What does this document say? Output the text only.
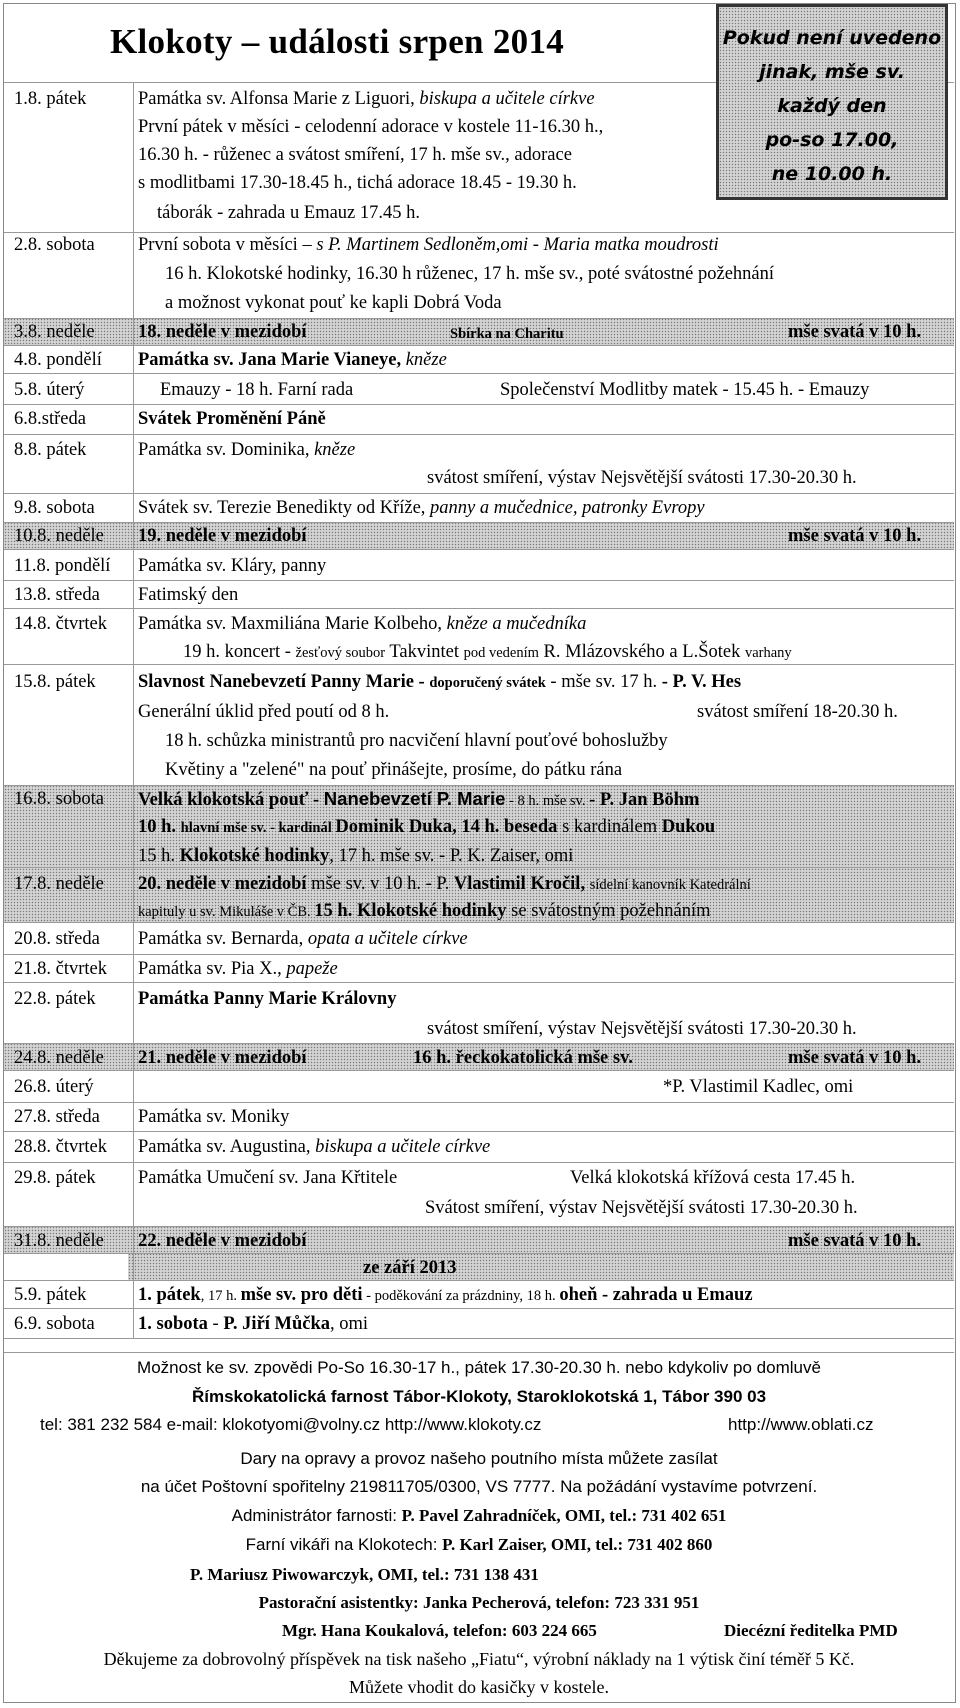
Klokoty – události srpen 2014	Pokud není uvedeno
jinak, mše sv.
každý den
po-so 17.00,
ne 10.00 h.
1.8. pátek	Památka sv. Alfonsa Marie z Liguori, biskupa a učitele církve
První pátek v měsíci - celodenní adorace v kostele 11-16.30 h.,
16.30 h. - růženec a svátost smíření, 17 h. mše sv., adorace
s modlitbami 17.30-18.45 h., tichá adorace 18.45 - 19.30 h.
táborák - zahrada u Emauz 17.45 h.
2.8. sobota První sobota v měsíci – s P. Martinem Sedloněm,omi - Maria matka moudrosti
16 h. Klokotské hodinky, 16.30 h růženec, 17 h. mše sv., poté svátostné požehnání
a možnost vykonat pouť ke kapli Dobrá Voda
3.8. neděle 18. neděle v mezidobí	Sbírka na Charitu	mše svatá v 10 h.
4.8. pondělí Památka sv. Jana Marie Vianeye, kněze
5.8. úterý	Emauzy - 18 h. Farní rada	Společenství Modlitby matek - 15.45 h. - Emauzy
6.8.středa	Svátek Proměnění Páně
8.8. pátek	Památka sv. Dominika, kněze
svátost smíření, výstav Nejsvětější svátosti 17.30-20.30 h.
9.8. sobota Svátek sv. Terezie Benedikty od Kříže, panny a mučednice, patronky Evropy
10.8. neděle 19. neděle v mezidobí	mše svatá v 10 h.
11.8. pondělí Památka sv. Kláry, panny
13.8. středa Fatimský den
14.8. čtvrtek Památka sv. Maxmiliána Marie Kolbeho, kněze a mučedníka
19 h. koncert - žesťový soubor Takvintet pod vedením R. Mlázovského a L.Šotek varhany
15.8. pátek Slavnost Nanebevzetí Panny Marie - doporučený svátek - mše sv. 17 h. - P. V. Hes
Generální úklid před poutí od 8 h.	svátost smíření 18-20.30 h.
18 h. schůzka ministrantů pro nacvičení hlavní pouťové bohoslužby
Květiny a "zelené" na pouť přinášejte, prosíme, do pátku rána
16.8. sobota Velká klokotská pouť - Nanebevzetí P. Marie - 8 h. mše sv. - P. Jan Böhm
10 h. hlavní mše sv. - kardinál Dominik Duka, 14 h. beseda s kardinálem Dukou
15 h. Klokotské hodinky, 17 h. mše sv. - P. K. Zaiser, omi
17.8. neděle 20. neděle v mezidobí mše sv. v 10 h. - P. Vlastimil Kročil, sídelní kanovník Katedrální
kapituly u sv. Mikuláše v ČB. 15 h. Klokotské hodinky se svátostným požehnáním
20.8. středa Památka sv. Bernarda, opata a učitele církve
21.8. čtvrtek Památka sv. Pia X., papeže
22.8. pátek Památka Panny Marie Královny
svátost smíření, výstav Nejsvětější svátosti 17.30-20.30 h.
24.8. neděle 21. neděle v mezidobí	16 h. řeckokatolická mše sv.	mše svatá v 10 h.
26.8. úterý	*P. Vlastimil Kadlec, omi
27.8. středa Památka sv. Moniky
28.8. čtvrtek Památka sv. Augustina, biskupa a učitele církve
29.8. pátek Památka Umučení sv. Jana Křtitele	Velká klokotská křížová cesta 17.45 h.
Svátost smíření, výstav Nejsvětější svátosti 17.30-20.30 h.
31.8. neděle 22. neděle v mezidobí	mše svatá v 10 h.
ze září 2013
5.9. pátek	1. pátek, 17 h. mše sv. pro děti - poděkování za prázdniny, 18 h. oheň - zahrada u Emauz
6.9. sobota 1. sobota - P. Jiří Můčka, omi
Možnost ke sv. zpovědi Po-So 16.30-17 h., pátek 17.30-20.30 h. nebo kdykoliv po domluvě
Římskokatolická farnost Tábor-Klokoty, Staroklokotská 1, Tábor 390 03
tel: 381 232 584 e-mail: klokotyomi@volny.cz http://www.klokoty.cz	http://www.oblati.cz
Dary na opravy a provoz našeho poutního místa můžete zasílat
na účet Poštovní spořitelny 219811705/0300, VS 7777. Na požádání vystavíme potvrzení.
Administrátor farnosti: P. Pavel Zahradníček, OMI, tel.: 731 402 651
Farní vikáři na Klokotech: P. Karl Zaiser, OMI, tel.: 731 402 860
P. Mariusz Piwowarczyk, OMI, tel.: 731 138 431
Pastorační asistentky: Janka Pecherová, telefon: 723 331 951
Mgr. Hana Koukalová, telefon: 603 224 665	Diecézní ředitelka PMD
Děkujeme za dobrovolný příspěvek na tisk našeho „Fiatu“, výrobní náklady na 1 výtisk činí téměř 5 Kč.
Můžete vhodit do kasičky v kostele.
